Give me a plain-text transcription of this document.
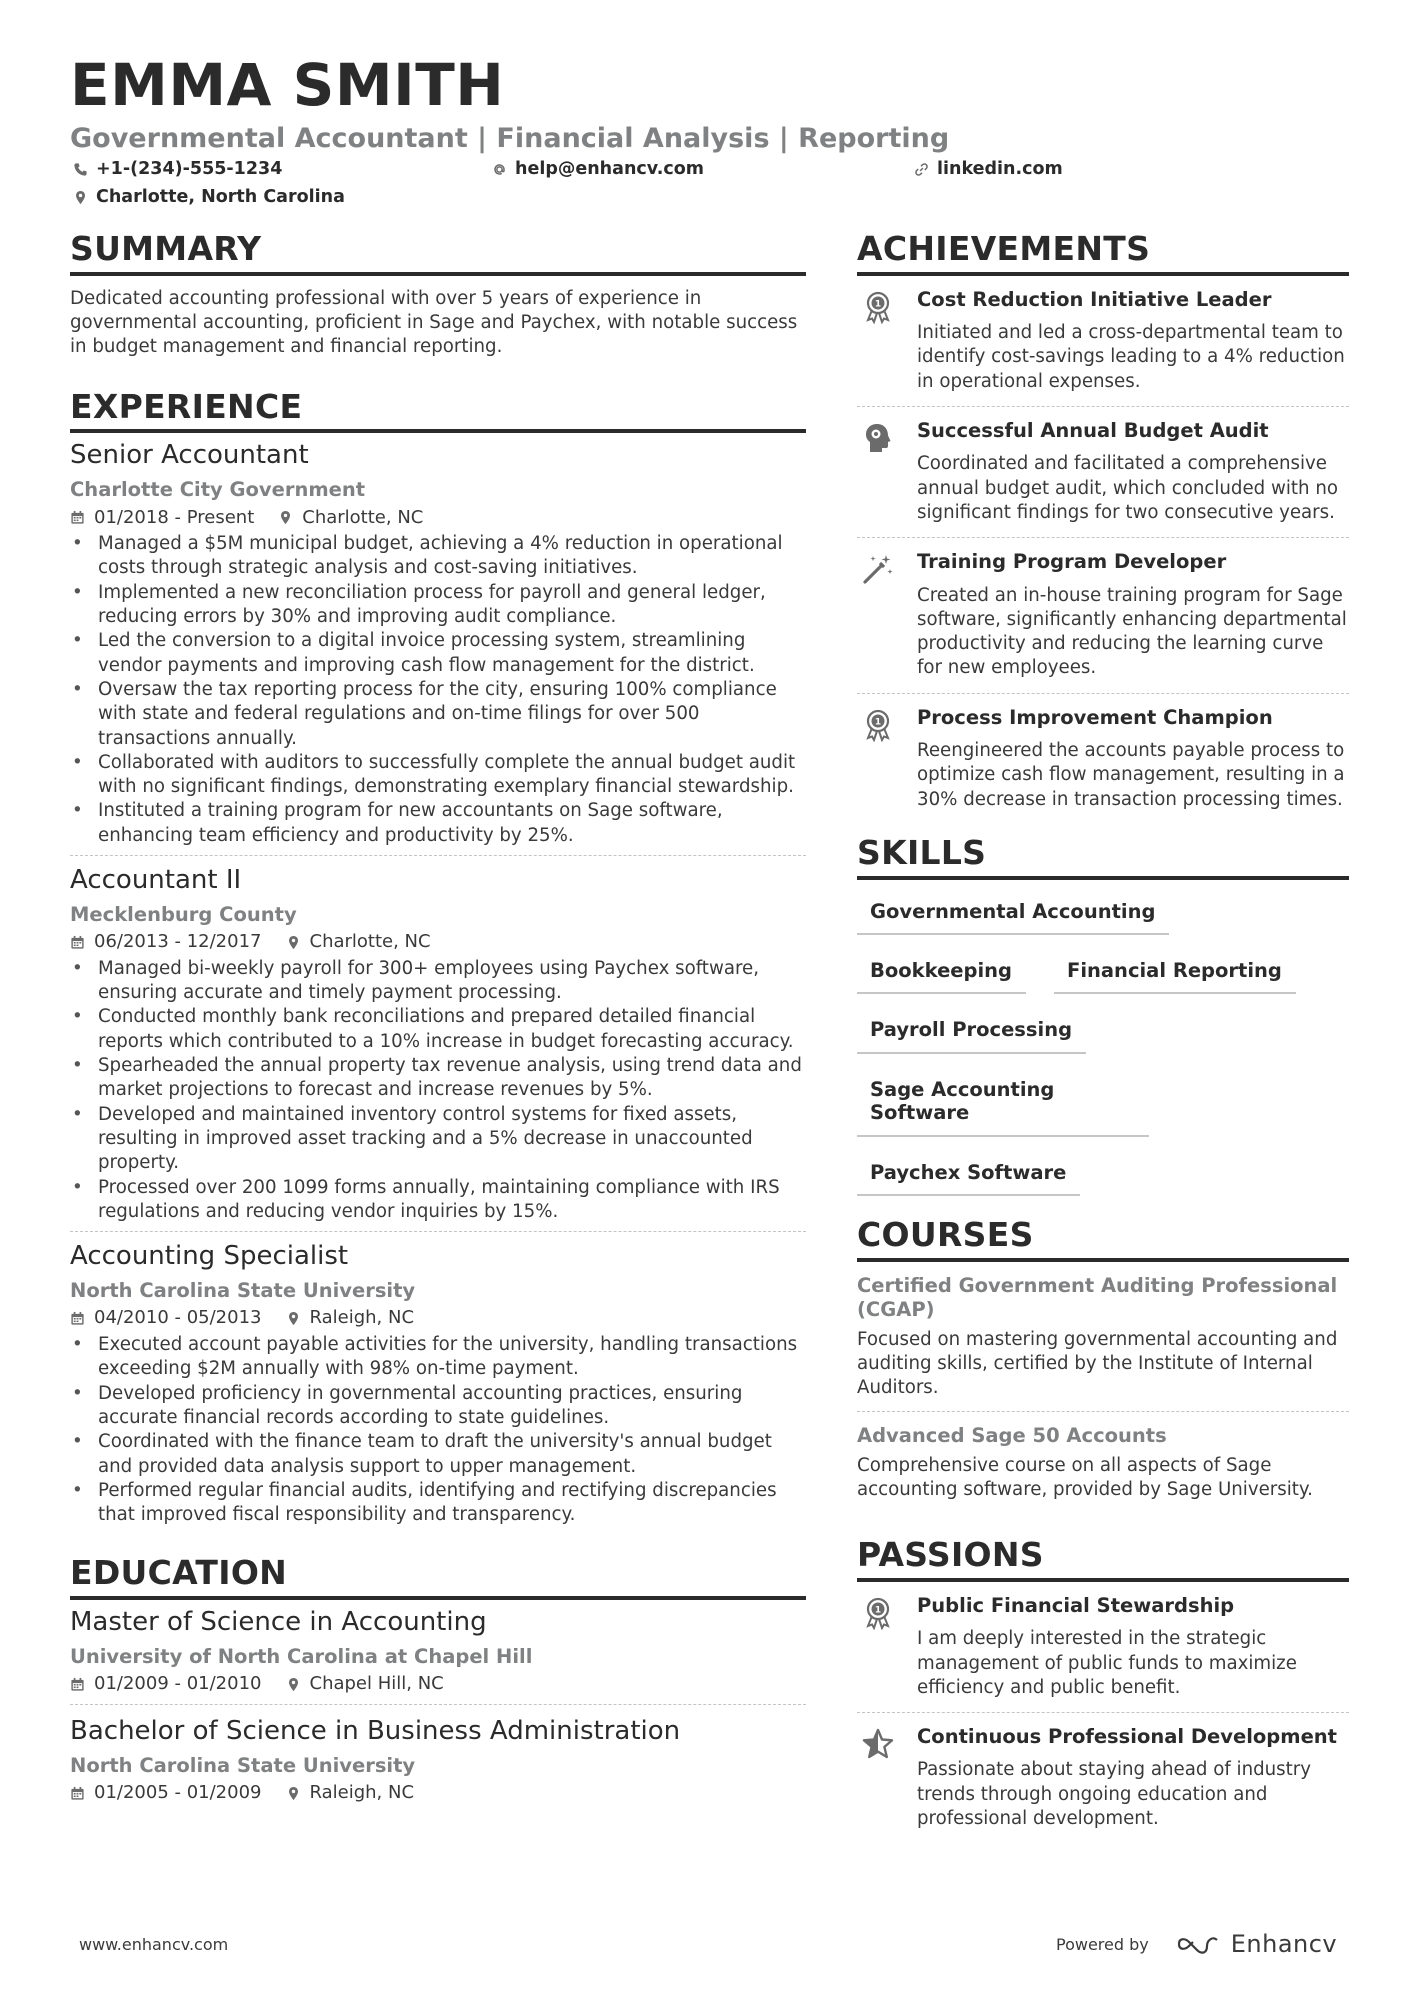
EMMA SMITH
Governmental Accountant | Financial Analysis | Reporting
+1-(234)-555-1234	help@enhancv.com	linkedin.com
Charlotte, North Carolina
SUMMARY
Dedicated accounting professional with over 5 years of experience in governmental accounting, proficient in Sage and Paychex, with notable success in budget management and financial reporting.
EXPERIENCE
Senior Accountant
Charlotte City Government
01/2018 - Present	Charlotte, NC
• Managed a $5M municipal budget, achieving a 4% reduction in operational costs through strategic analysis and cost-saving initiatives.
• Implemented a new reconciliation process for payroll and general ledger, reducing errors by 30% and improving audit compliance.
• Led the conversion to a digital invoice processing system, streamlining vendor payments and improving cash flow management for the district.
• Oversaw the tax reporting process for the city, ensuring 100% compliance with state and federal regulations and on-time filings for over 500 transactions annually.
• Collaborated with auditors to successfully complete the annual budget audit with no significant findings, demonstrating exemplary financial stewardship.
• Instituted a training program for new accountants on Sage software, enhancing team efficiency and productivity by 25%.
Accountant II
Mecklenburg County
06/2013 - 12/2017	Charlotte, NC
• Managed bi-weekly payroll for 300+ employees using Paychex software, ensuring accurate and timely payment processing.
• Conducted monthly bank reconciliations and prepared detailed financial reports which contributed to a 10% increase in budget forecasting accuracy.
• Spearheaded the annual property tax revenue analysis, using trend data and market projections to forecast and increase revenues by 5%.
• Developed and maintained inventory control systems for fixed assets, resulting in improved asset tracking and a 5% decrease in unaccounted property.
• Processed over 200 1099 forms annually, maintaining compliance with IRS regulations and reducing vendor inquiries by 15%.
Accounting Specialist
North Carolina State University
04/2010 - 05/2013	Raleigh, NC
• Executed account payable activities for the university, handling transactions exceeding $2M annually with 98% on-time payment.
• Developed proficiency in governmental accounting practices, ensuring accurate financial records according to state guidelines.
• Coordinated with the finance team to draft the university's annual budget and provided data analysis support to upper management.
• Performed regular financial audits, identifying and rectifying discrepancies that improved fiscal responsibility and transparency.
EDUCATION
Master of Science in Accounting
University of North Carolina at Chapel Hill
01/2009 - 01/2010	Chapel Hill, NC
Bachelor of Science in Business Administration
North Carolina State University
01/2005 - 01/2009	Raleigh, NC
ACHIEVEMENTS
1 Cost Reduction Initiative Leader
Initiated and led a cross-departmental team to identify cost-savings leading to a 4% reduction in operational expenses.
Successful Annual Budget Audit
Coordinated and facilitated a comprehensive annual budget audit, which concluded with no significant findings for two consecutive years.
Training Program Developer
Created an in-house training program for Sage software, significantly enhancing departmental productivity and reducing the learning curve for new employees.
1 Process Improvement Champion
Reengineered the accounts payable process to optimize cash flow management, resulting in a 30% decrease in transaction processing times.
SKILLS
Governmental Accounting
Bookkeeping	Financial Reporting
Payroll Processing
Sage Accounting Software
Paychex Software
COURSES
Certified Government Auditing Professional (CGAP)
Focused on mastering governmental accounting and auditing skills, certified by the Institute of Internal Auditors.
Advanced Sage 50 Accounts
Comprehensive course on all aspects of Sage accounting software, provided by Sage University.
PASSIONS
1 Public Financial Stewardship
I am deeply interested in the strategic management of public funds to maximize efficiency and public benefit.
Continuous Professional Development
Passionate about staying ahead of industry trends through ongoing education and professional development.
www.enhancv.com	Powered by	Enhancv
